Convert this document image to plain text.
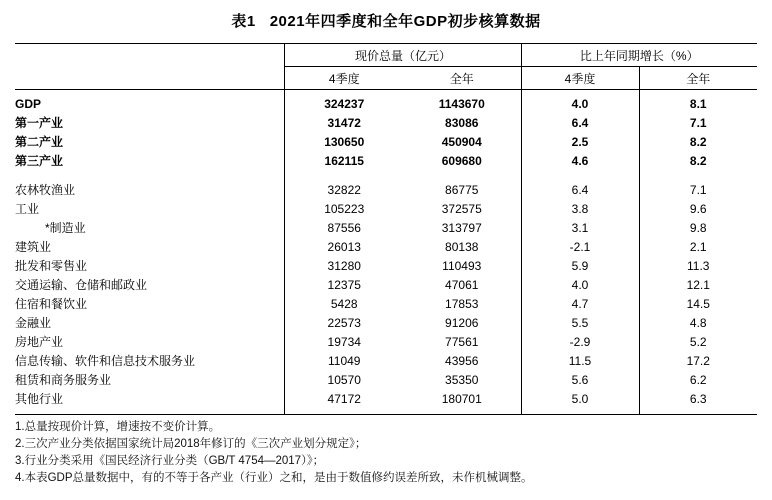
表1 2021年四季度和全年GDP初步核算数据
	现价总量（亿元）		比上年同期增长（%）	
	4季度	全年	4季度	全年
GDP	324237	1143670	4.0	8.1
第一产业	31472	83086	6.4	7.1
第二产业	130650	450904	2.5	8.2
第三产业	162115	609680	4.6	8.2

农林牧渔业	32822	86775	6.4	7.1
工业	105223	372575	3.8	9.6
*制造业	87556	313797	3.1	9.8
建筑业	26013	80138	-2.1	2.1
批发和零售业	31280	110493	5.9	11.3
交通运输、仓储和邮政业	12375	47061	4.0	12.1
住宿和餐饮业	5428	17853	4.7	14.5
金融业	22573	91206	5.5	4.8
房地产业	19734	77561	-2.9	5.2
信息传输、软件和信息技术服务业	11049	43956	11.5	17.2
租赁和商务服务业	10570	35350	5.6	6.2
其他行业	47172	180701	5.0	6.3

1.总量按现价计算，增速按不变价计算。
2.三次产业分类依据国家统计局2018年修订的《三次产业划分规定》；
3.行业分类采用《国民经济行业分类（GB/T 4754—2017）》；
4.本表GDP总量数据中，有的不等于各产业（行业）之和，是由于数值修约误差所致，未作机械调整。
